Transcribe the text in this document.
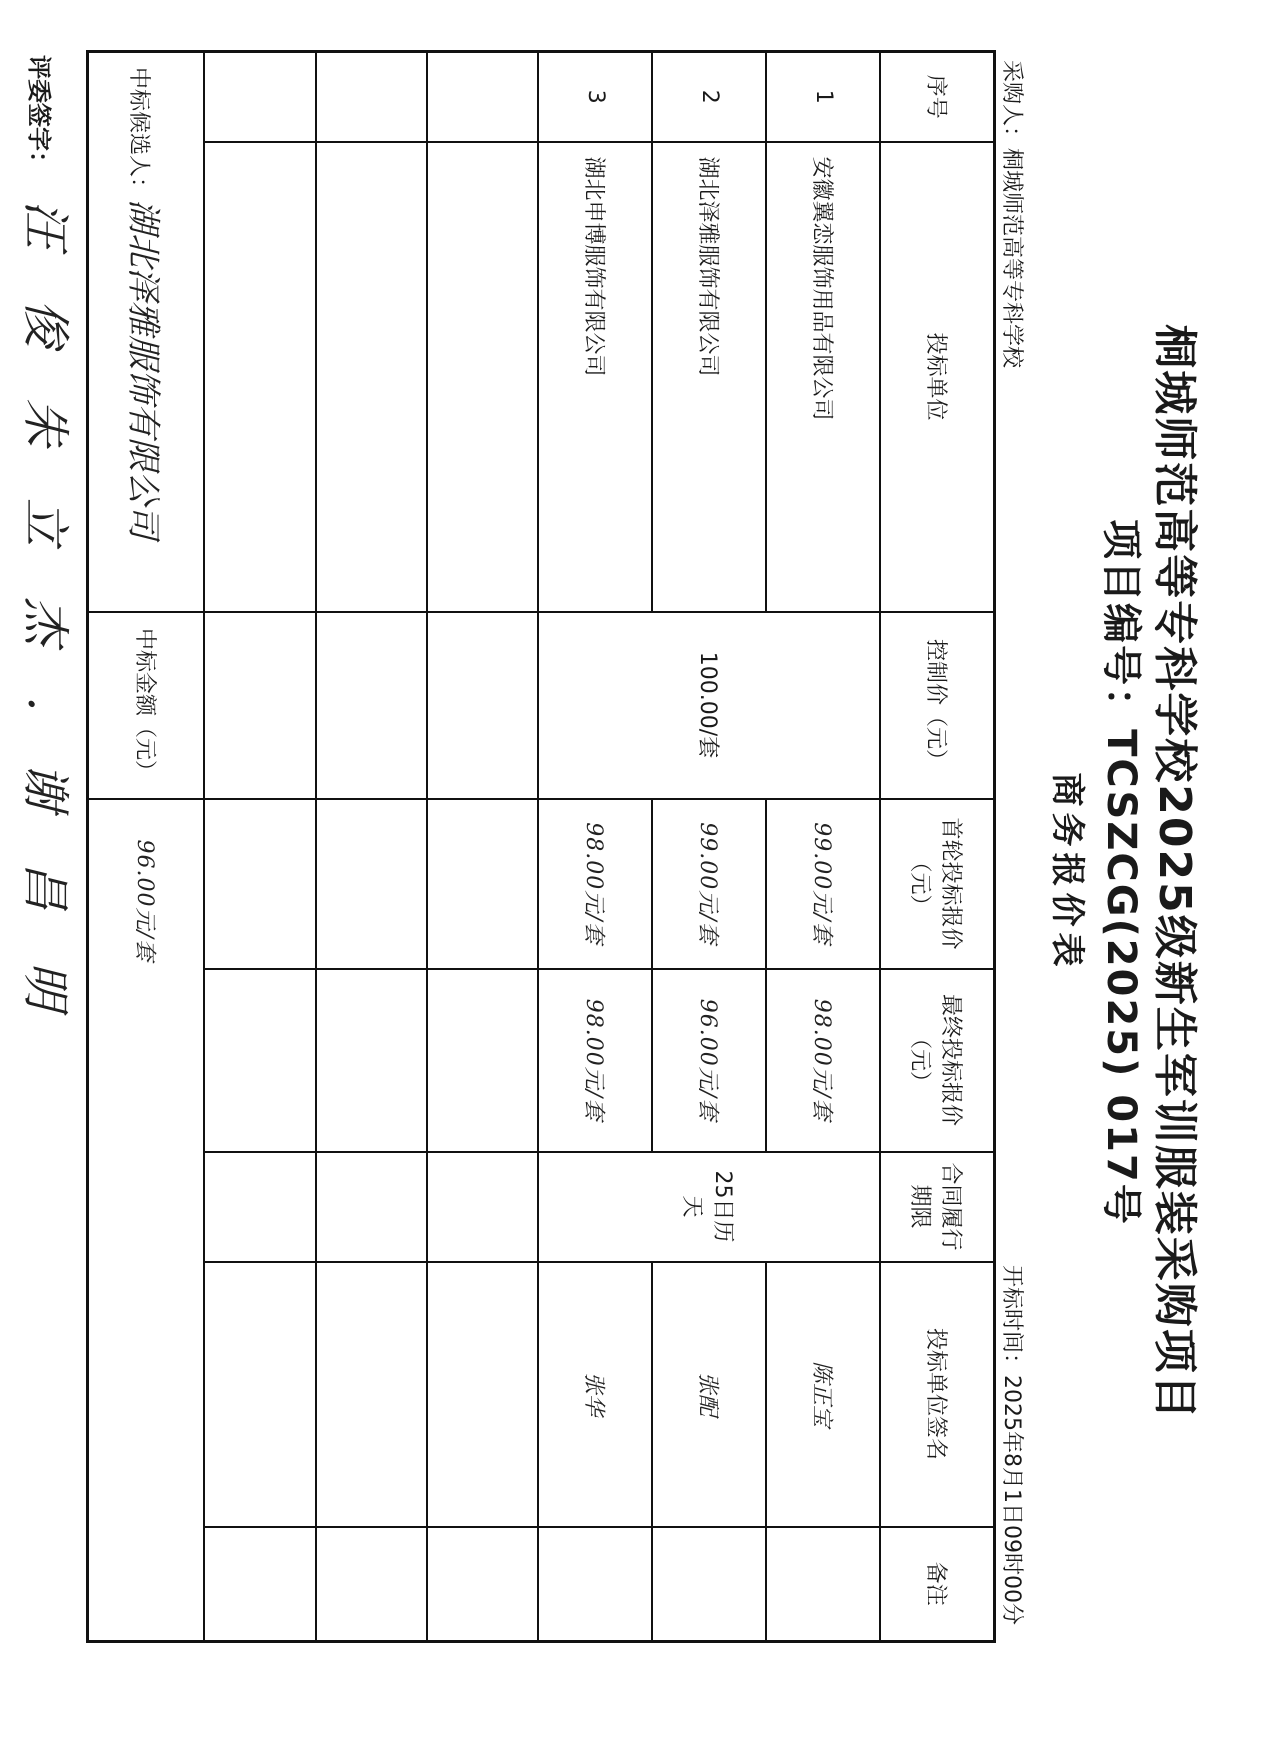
桐城师范高等专科学校2025级新生军训服装采购项目
项目编号：TCSZCG(2025) 017号
商务报价表
采购人：桐城师范高等专科学校
开标时间：2025年8月1日09时00分
序号	投标单位	控制价（元）	首轮投标报价（元）	最终投标报价（元）	合同履行期限	投标单位签名	备注
1	安徽翼恋服饰用品有限公司	100.00/套	99.00元/套	98.00元/套	25日历天	陈正宝	
2	湖北泽雅服饰有限公司		99.00元/套	96.00元/套		张配	
3	湖北申博服饰有限公司		98.00元/套	98.00元/套		张华	

中标候选人：湖北泽雅服饰有限公司		中标金额（元）	96.00元/套				
评委签字：
汪 俊 朱 立 杰 . 谢 昌 明
